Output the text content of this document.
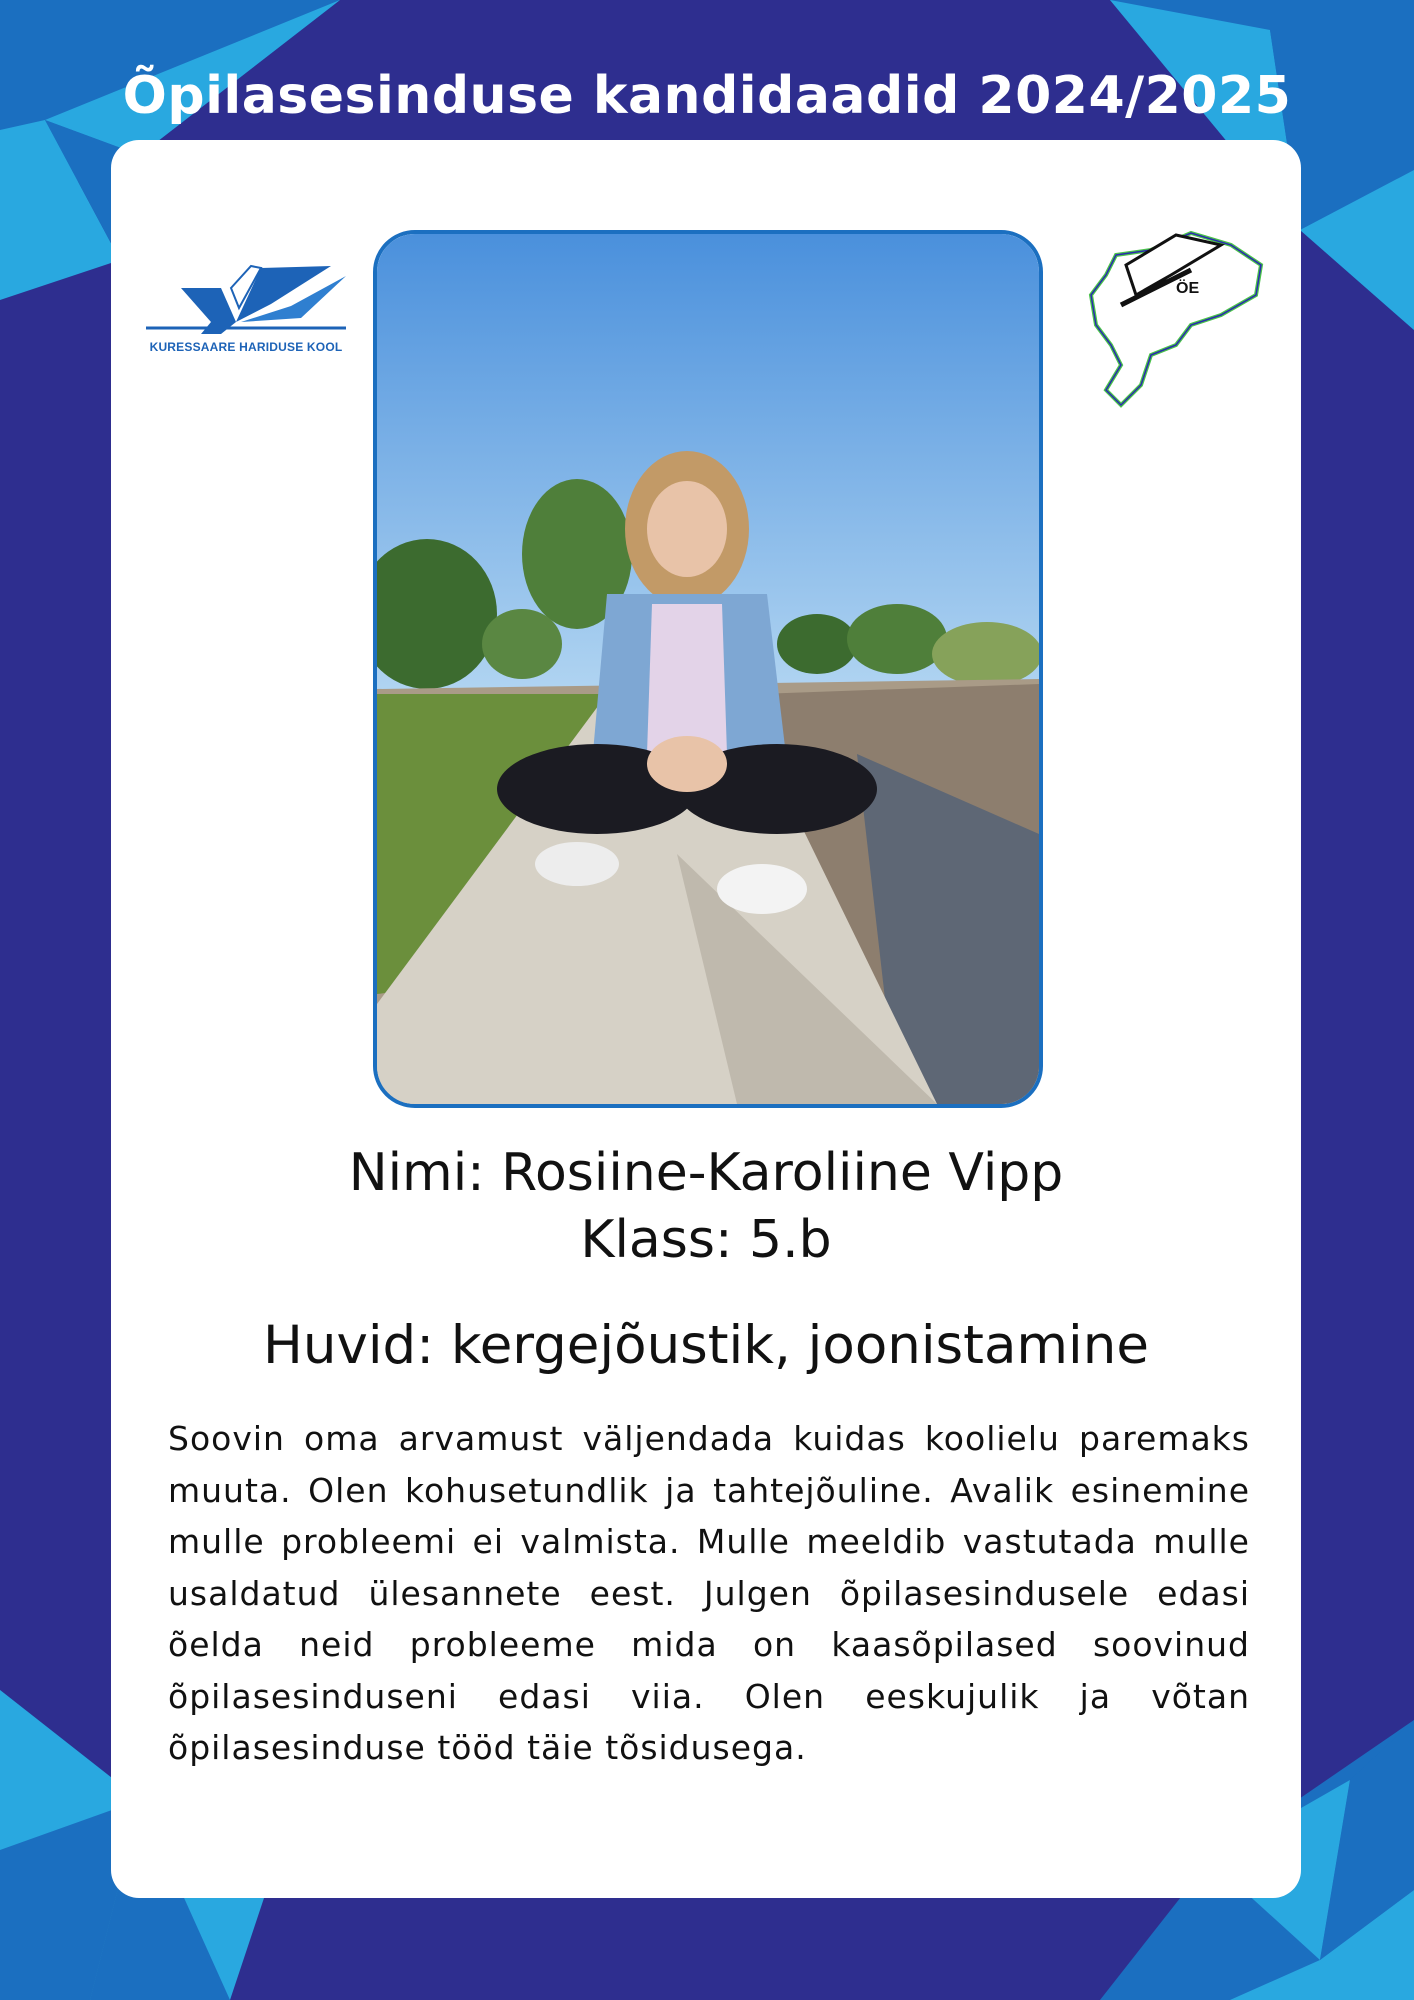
Õpilasesinduse kandidaadid 2024/2025
KURESSAARE HARIDUSE KOOL
ÖE
Nimi: Rosiine-Karoliine Vipp
Klass: 5.b
Huvid: kergejõustik, joonistamine
Soovin oma arvamust väljendada kuidas koolielu paremaks muuta. Olen kohusetundlik ja tahtejõuline. Avalik esinemine mulle probleemi ei valmista. Mulle meeldib vastutada mulle usaldatud ülesannete eest. Julgen õpilasesindusele edasi õelda neid probleeme mida on kaasõpilased soovinud õpilasesinduseni edasi viia. Olen eeskujulik ja võtan õpilasesinduse tööd täie tõsidusega.
